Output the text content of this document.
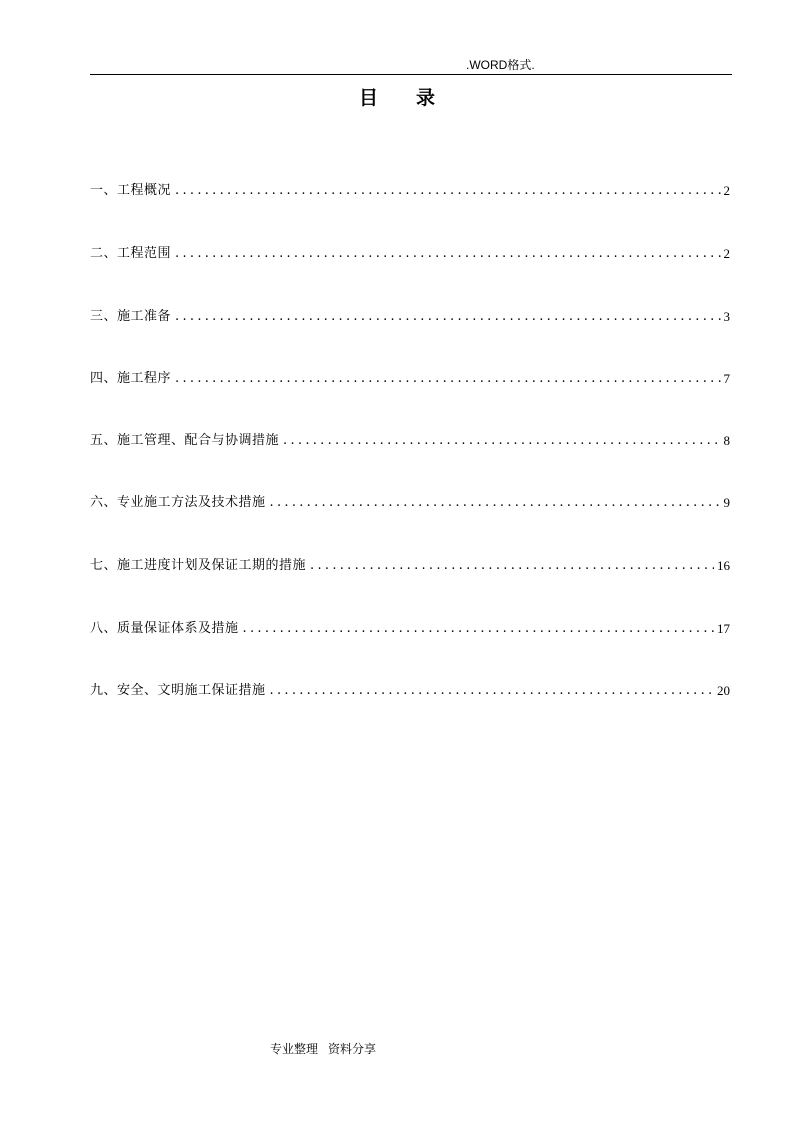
.WORD格式.
目 录
一、工程概况 .....	2
二、工程范围 .....	2
三、施工准备 .....	3
四、施工程序 .....	7
五、施工管理、配合与协调措施 .....	8
六、专业施工方法及技术措施 .....	9
七、施工进度计划及保证工期的措施 .....	16
八、质量保证体系及措施 .....	17
九、安全、文明施工保证措施 .....	20
专业整理 资料分享
